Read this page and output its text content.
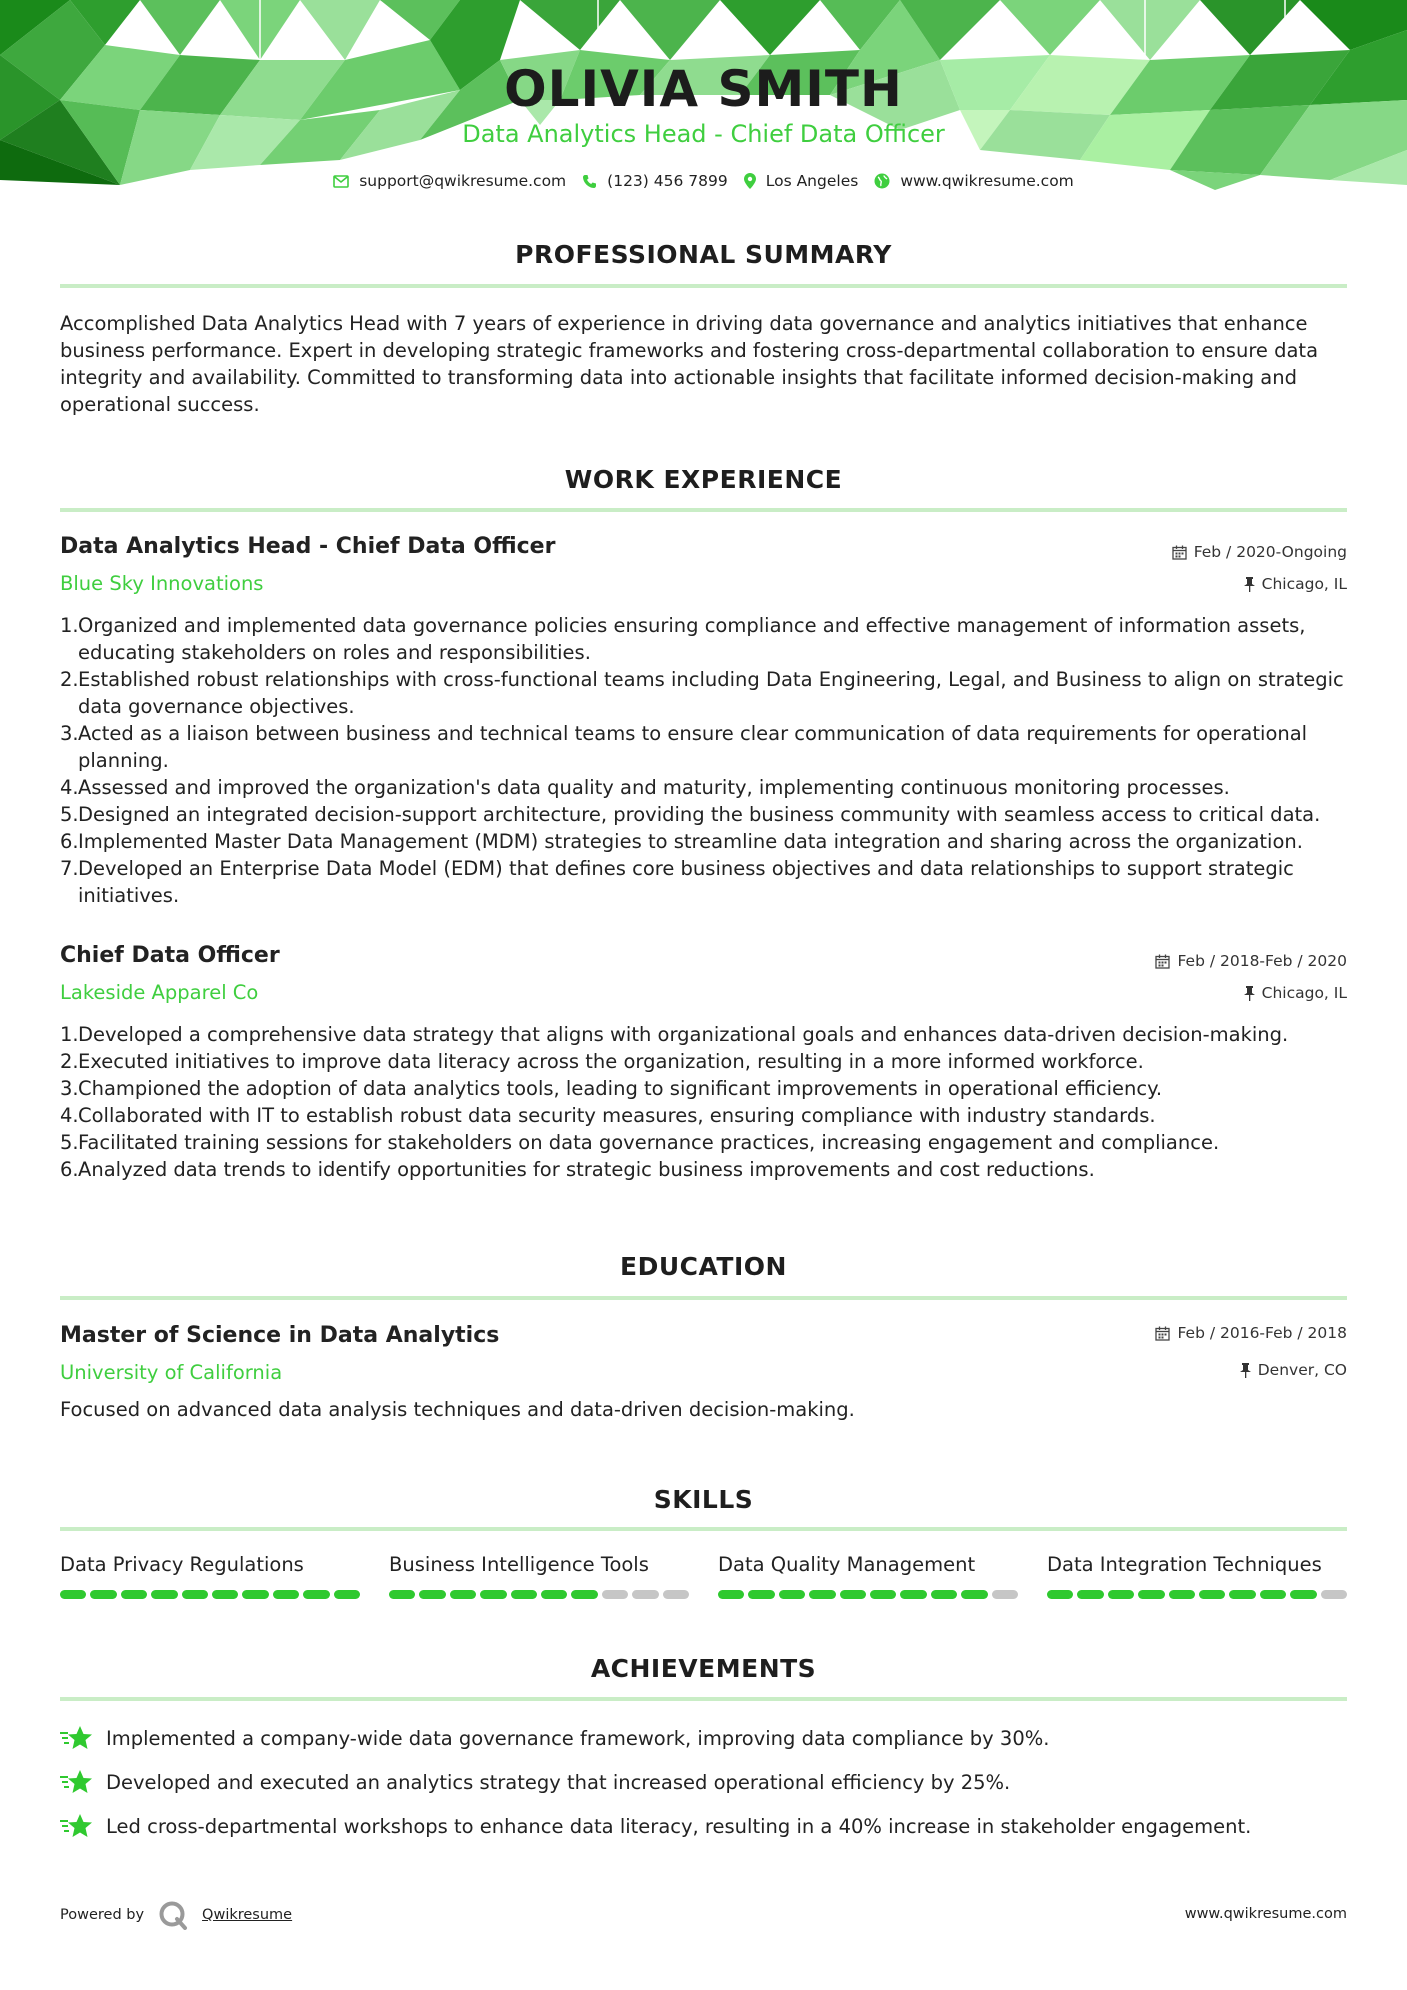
OLIVIA SMITH
Data Analytics Head - Chief Data Officer
support@qwikresume.com	(123) 456 7899 Los Angeles	www.qwikresume.com
PROFESSIONAL SUMMARY
Accomplished Data Analytics Head with 7 years of experience in driving data governance and analytics initiatives that enhance business performance. Expert in developing strategic frameworks and fostering cross-departmental collaboration to ensure data integrity and availability. Committed to transforming data into actionable insights that facilitate informed decision-making and operational success.
WORK EXPERIENCE
Data Analytics Head - Chief Data Officer
Blue Sky Innovations
Feb / 2020-Ongoing
Chicago, IL
Organized and implemented data governance policies ensuring compliance and effective management of information assets, educating stakeholders on roles and responsibilities.
Established robust relationships with cross-functional teams including Data Engineering, Legal, and Business to align on strategic data governance objectives.
Acted as a liaison between business and technical teams to ensure clear communication of data requirements for operational planning.
Assessed and improved the organization's data quality and maturity, implementing continuous monitoring processes.
Designed an integrated decision-support architecture, providing the business community with seamless access to critical data.
Implemented Master Data Management (MDM) strategies to streamline data integration and sharing across the organization.
Developed an Enterprise Data Model (EDM) that defines core business objectives and data relationships to support strategic initiatives.
Chief Data Officer
Lakeside Apparel Co
Feb / 2018-Feb / 2020
Chicago, IL
Developed a comprehensive data strategy that aligns with organizational goals and enhances data-driven decision-making.
Executed initiatives to improve data literacy across the organization, resulting in a more informed workforce.
Championed the adoption of data analytics tools, leading to significant improvements in operational efficiency.
Collaborated with IT to establish robust data security measures, ensuring compliance with industry standards.
Facilitated training sessions for stakeholders on data governance practices, increasing engagement and compliance.
Analyzed data trends to identify opportunities for strategic business improvements and cost reductions.
EDUCATION
Master of Science in Data Analytics
University of California
Feb / 2016-Feb / 2018
Denver, CO
Focused on advanced data analysis techniques and data-driven decision-making.
SKILLS
Data Privacy Regulations	Business Intelligence Tools	Data Quality Management	Data Integration Techniques
ACHIEVEMENTS
Implemented a company-wide data governance framework, improving data compliance by 30%.
Developed and executed an analytics strategy that increased operational efficiency by 25%.
Led cross-departmental workshops to enhance data literacy, resulting in a 40% increase in stakeholder engagement.
Powered by	Qwikresume	www.qwikresume.com
